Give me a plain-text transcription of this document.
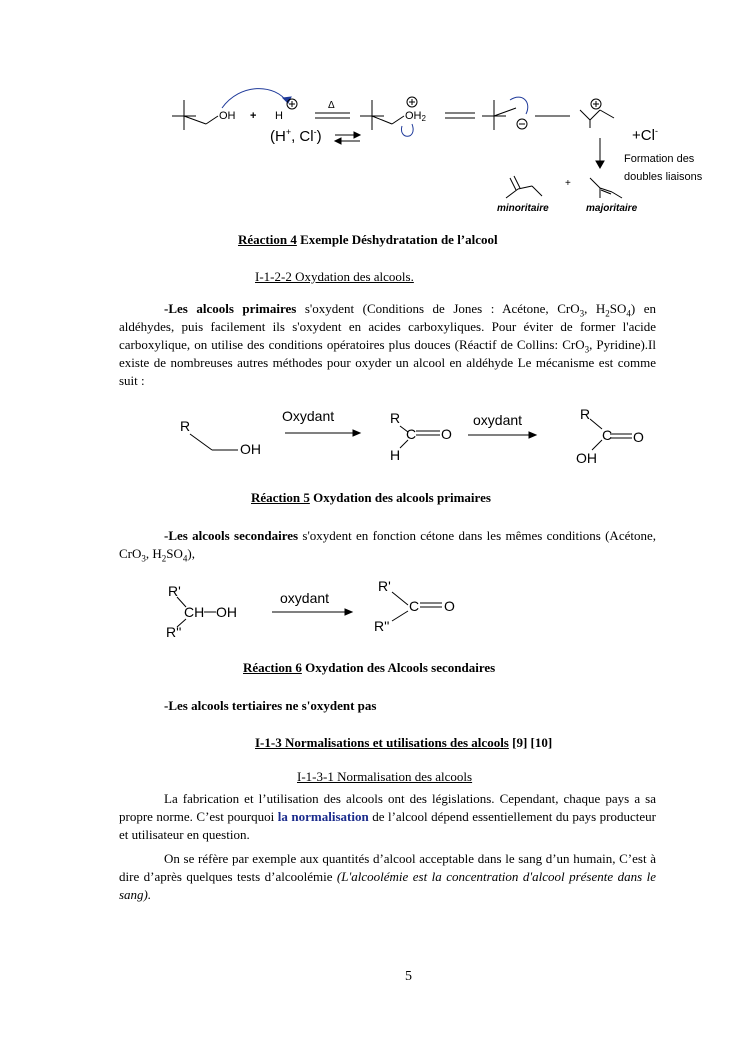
OH + H
Δ
OH2
(H+, Cl-)	+Cl-
Formation des
doubles liaisons
+
minoritaire	majoritaire
Réaction 4 Exemple Déshydratation de l’alcool
I-1-2-2 Oxydation des alcools.
-Les alcools primaires s'oxydent (Conditions de Jones : Acétone, CrO$_3$, $H_2SO_4$) en aldéhydes, puis facilement ils s'oxydent en acides carboxyliques. Pour éviter de former l'acide carboxylique, on utilise des conditions opératoires plus douces (Réactif de Collins: CrO$_3$, Pyridine).Il existe de nombreuses autres méthodes pour oxyder un alcool en aldéhyde Le mécanisme est comme suit :
R
OH
Oxydant	R
C O
H
oxydant	R
C O
OH
Réaction 5 Oxydation des alcools primaires
-Les alcools secondaires s'oxydent en fonction cétone dans les mêmes conditions (Acétone, CrO$_3$, $H_2SO_4$),
R'
CH OH
R''
oxydant
R'
C O
R''
Réaction 6 Oxydation des Alcools secondaires
-Les alcools tertiaires ne s'oxydent pas
I-1-3 Normalisations et utilisations des alcools [9] [10]
I-1-3-1 Normalisation des alcools
La fabrication et l’utilisation des alcools ont des législations. Cependant, chaque pays a sa propre norme. C’est pourquoi la normalisation de l’alcool dépend essentiellement du pays producteur et utilisateur en question.
On se réfère par exemple aux quantités d’alcool acceptable dans le sang d’un humain, C’est à dire d’après quelques tests d’alcoolémie (L'alcoolémie est la concentration d'alcool présente dans le sang).
5
